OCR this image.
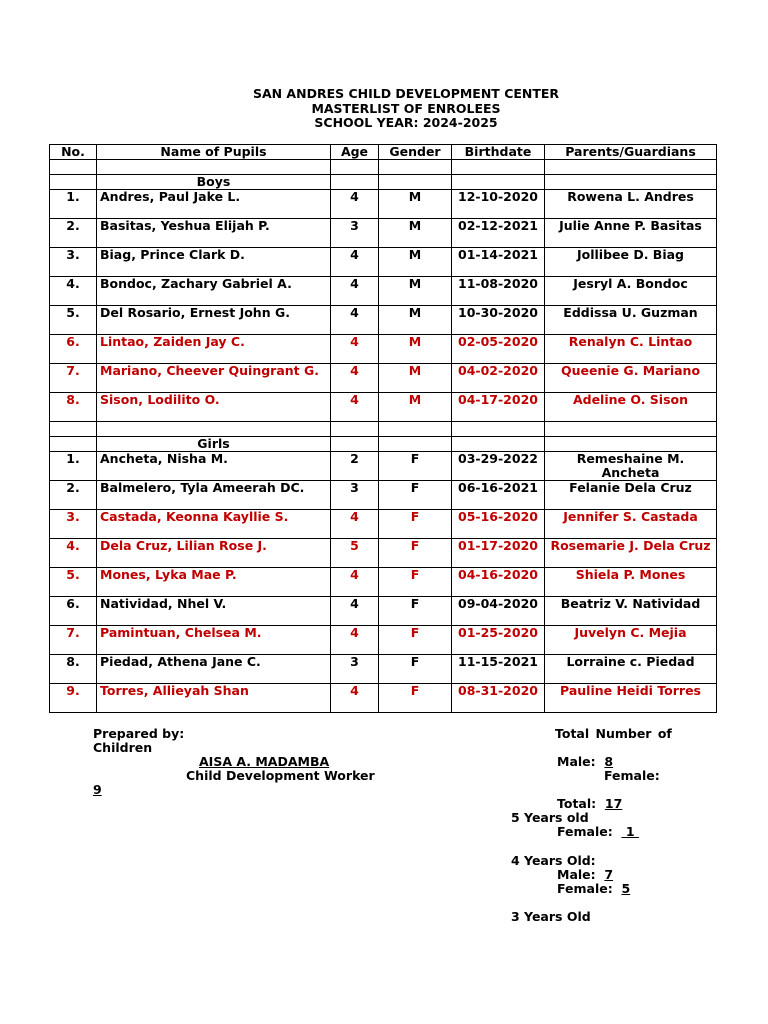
SAN ANDRES CHILD DEVELOPMENT CENTER
MASTERLIST OF ENROLEES
SCHOOL YEAR: 2024-2025
No.	Name of Pupils	Age	Gender	Birthdate	Parents/Guardians

	Boys				
1.	Andres, Paul Jake L.	4	M	12-10-2020	Rowena L. Andres
2.	Basitas, Yeshua Elijah P.	3	M	02-12-2021	Julie Anne P. Basitas
3.	Biag, Prince Clark D.	4	M	01-14-2021	Jollibee D. Biag
4.	Bondoc, Zachary Gabriel A.	4	M	11-08-2020	Jesryl A. Bondoc
5.	Del Rosario, Ernest John G.	4	M	10-30-2020	Eddissa U. Guzman
6.	Lintao, Zaiden Jay C.	4	M	02-05-2020	Renalyn C. Lintao
7.	Mariano, Cheever Quingrant G.	4	M	04-02-2020	Queenie G. Mariano
8.	Sison, Lodilito O.	4	M	04-17-2020	Adeline O. Sison

	Girls				
1.	Ancheta, Nisha M.	2	F	03-29-2022	Remeshaine M. Ancheta
2.	Balmelero, Tyla Ameerah DC.	3	F	06-16-2021	Felanie Dela Cruz
3.	Castada, Keonna Kayllie S.	4	F	05-16-2020	Jennifer S. Castada
4.	Dela Cruz, Lilian Rose J.	5	F	01-17-2020	Rosemarie J. Dela Cruz
5.	Mones, Lyka Mae P.	4	F	04-16-2020	Shiela P. Mones
6.	Natividad, Nhel V.	4	F	09-04-2020	Beatriz V. Natividad
7.	Pamintuan, Chelsea M.	4	F	01-25-2020	Juvelyn C. Mejia
8.	Piedad, Athena Jane C.	3	F	11-15-2021	Lorraine c. Piedad
9.	Torres, Allieyah Shan	4	F	08-31-2020	Pauline Heidi Torres
Prepared by:
Children
AISA A. MADAMBA
Child Development Worker
9
Total Number of
Male: 8
Female:
Total: 17
5 Years old
Female: 1
4 Years Old:
Male: 7
Female: 5
3 Years Old
